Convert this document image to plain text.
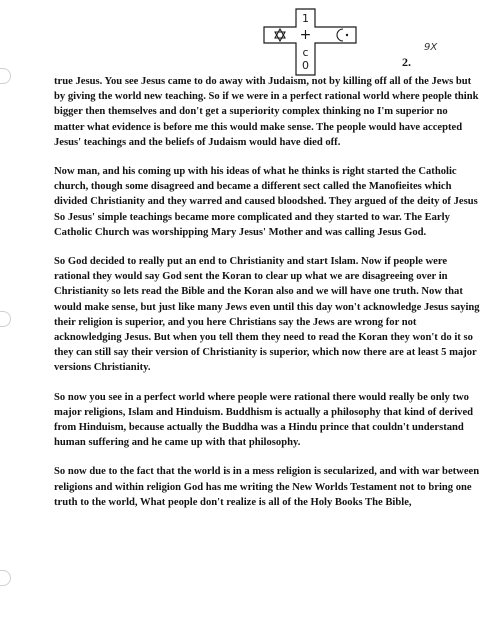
1
+
c
0

9X

2.

true Jesus. You see Jesus came to do away with Judaism, not by killing off all of the Jews but by giving the world new teaching. So if we were in a perfect rational world where people think bigger then themselves and don't get a superiority complex thinking no I'm superior no matter what evidence is before me this would make sense. The people would have accepted Jesus' teachings and the beliefs of Judaism would have died off.

Now man, and his coming up with his ideas of what he thinks is right started the Catholic church, though some disagreed and became a different sect called the Manofieites which divided Christianity and they warred and caused bloodshed. They argued of the deity of Jesus So Jesus' simple teachings became more complicated and they started to war. The Early Catholic Church was worshipping Mary Jesus' Mother and was calling Jesus God.

So God decided to really put an end to Christianity and start Islam. Now if people were rational they would say God sent the Koran to clear up what we are disagreeing over in Christianity so lets read the Bible and the Koran also and we will have one truth. Now that would make sense, but just like many Jews even until this day won't acknowledge Jesus saying their religion is superior, and you here Christians say the Jews are wrong for not acknowledging Jesus. But when you tell them they need to read the Koran they won't do it so they can still say their version of Christianity is superior, which now there are at least 5 major versions Christianity.

So now you see in a perfect world where people were rational there would really be only two major religions, Islam and Hinduism. Buddhism is actually a philosophy that kind of derived from Hinduism, because actually the Buddha was a Hindu prince that couldn't understand human suffering and he came up with that philosophy.

So now due to the fact that the world is in a mess religion is secularized, and with war between religions and within religion God has me writing the New Worlds Testament not to bring one truth to the world, What people don't realize is all of the Holy Books The Bible,
